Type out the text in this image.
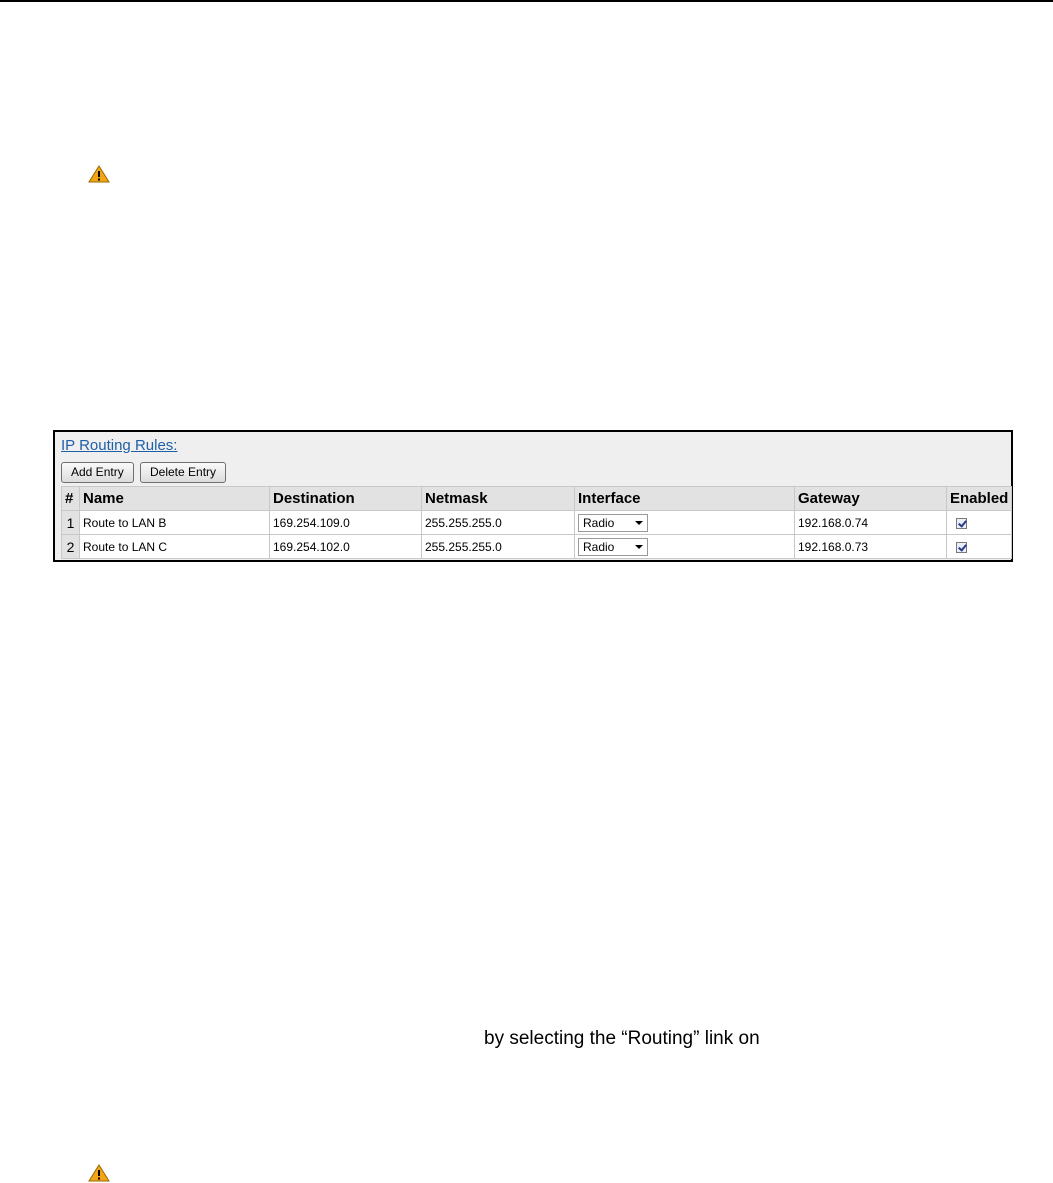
IP Routing Rules:
Add Entry	Delete Entry
#	Name	Destination	Netmask	Interface	Gateway	Enabled
1	Route to LAN B	169.254.109.0	255.255.255.0	Radio	192.168.0.74	
2	Route to LAN C	169.254.102.0	255.255.255.0	Radio	192.168.0.73	
by selecting the “Routing” link on
